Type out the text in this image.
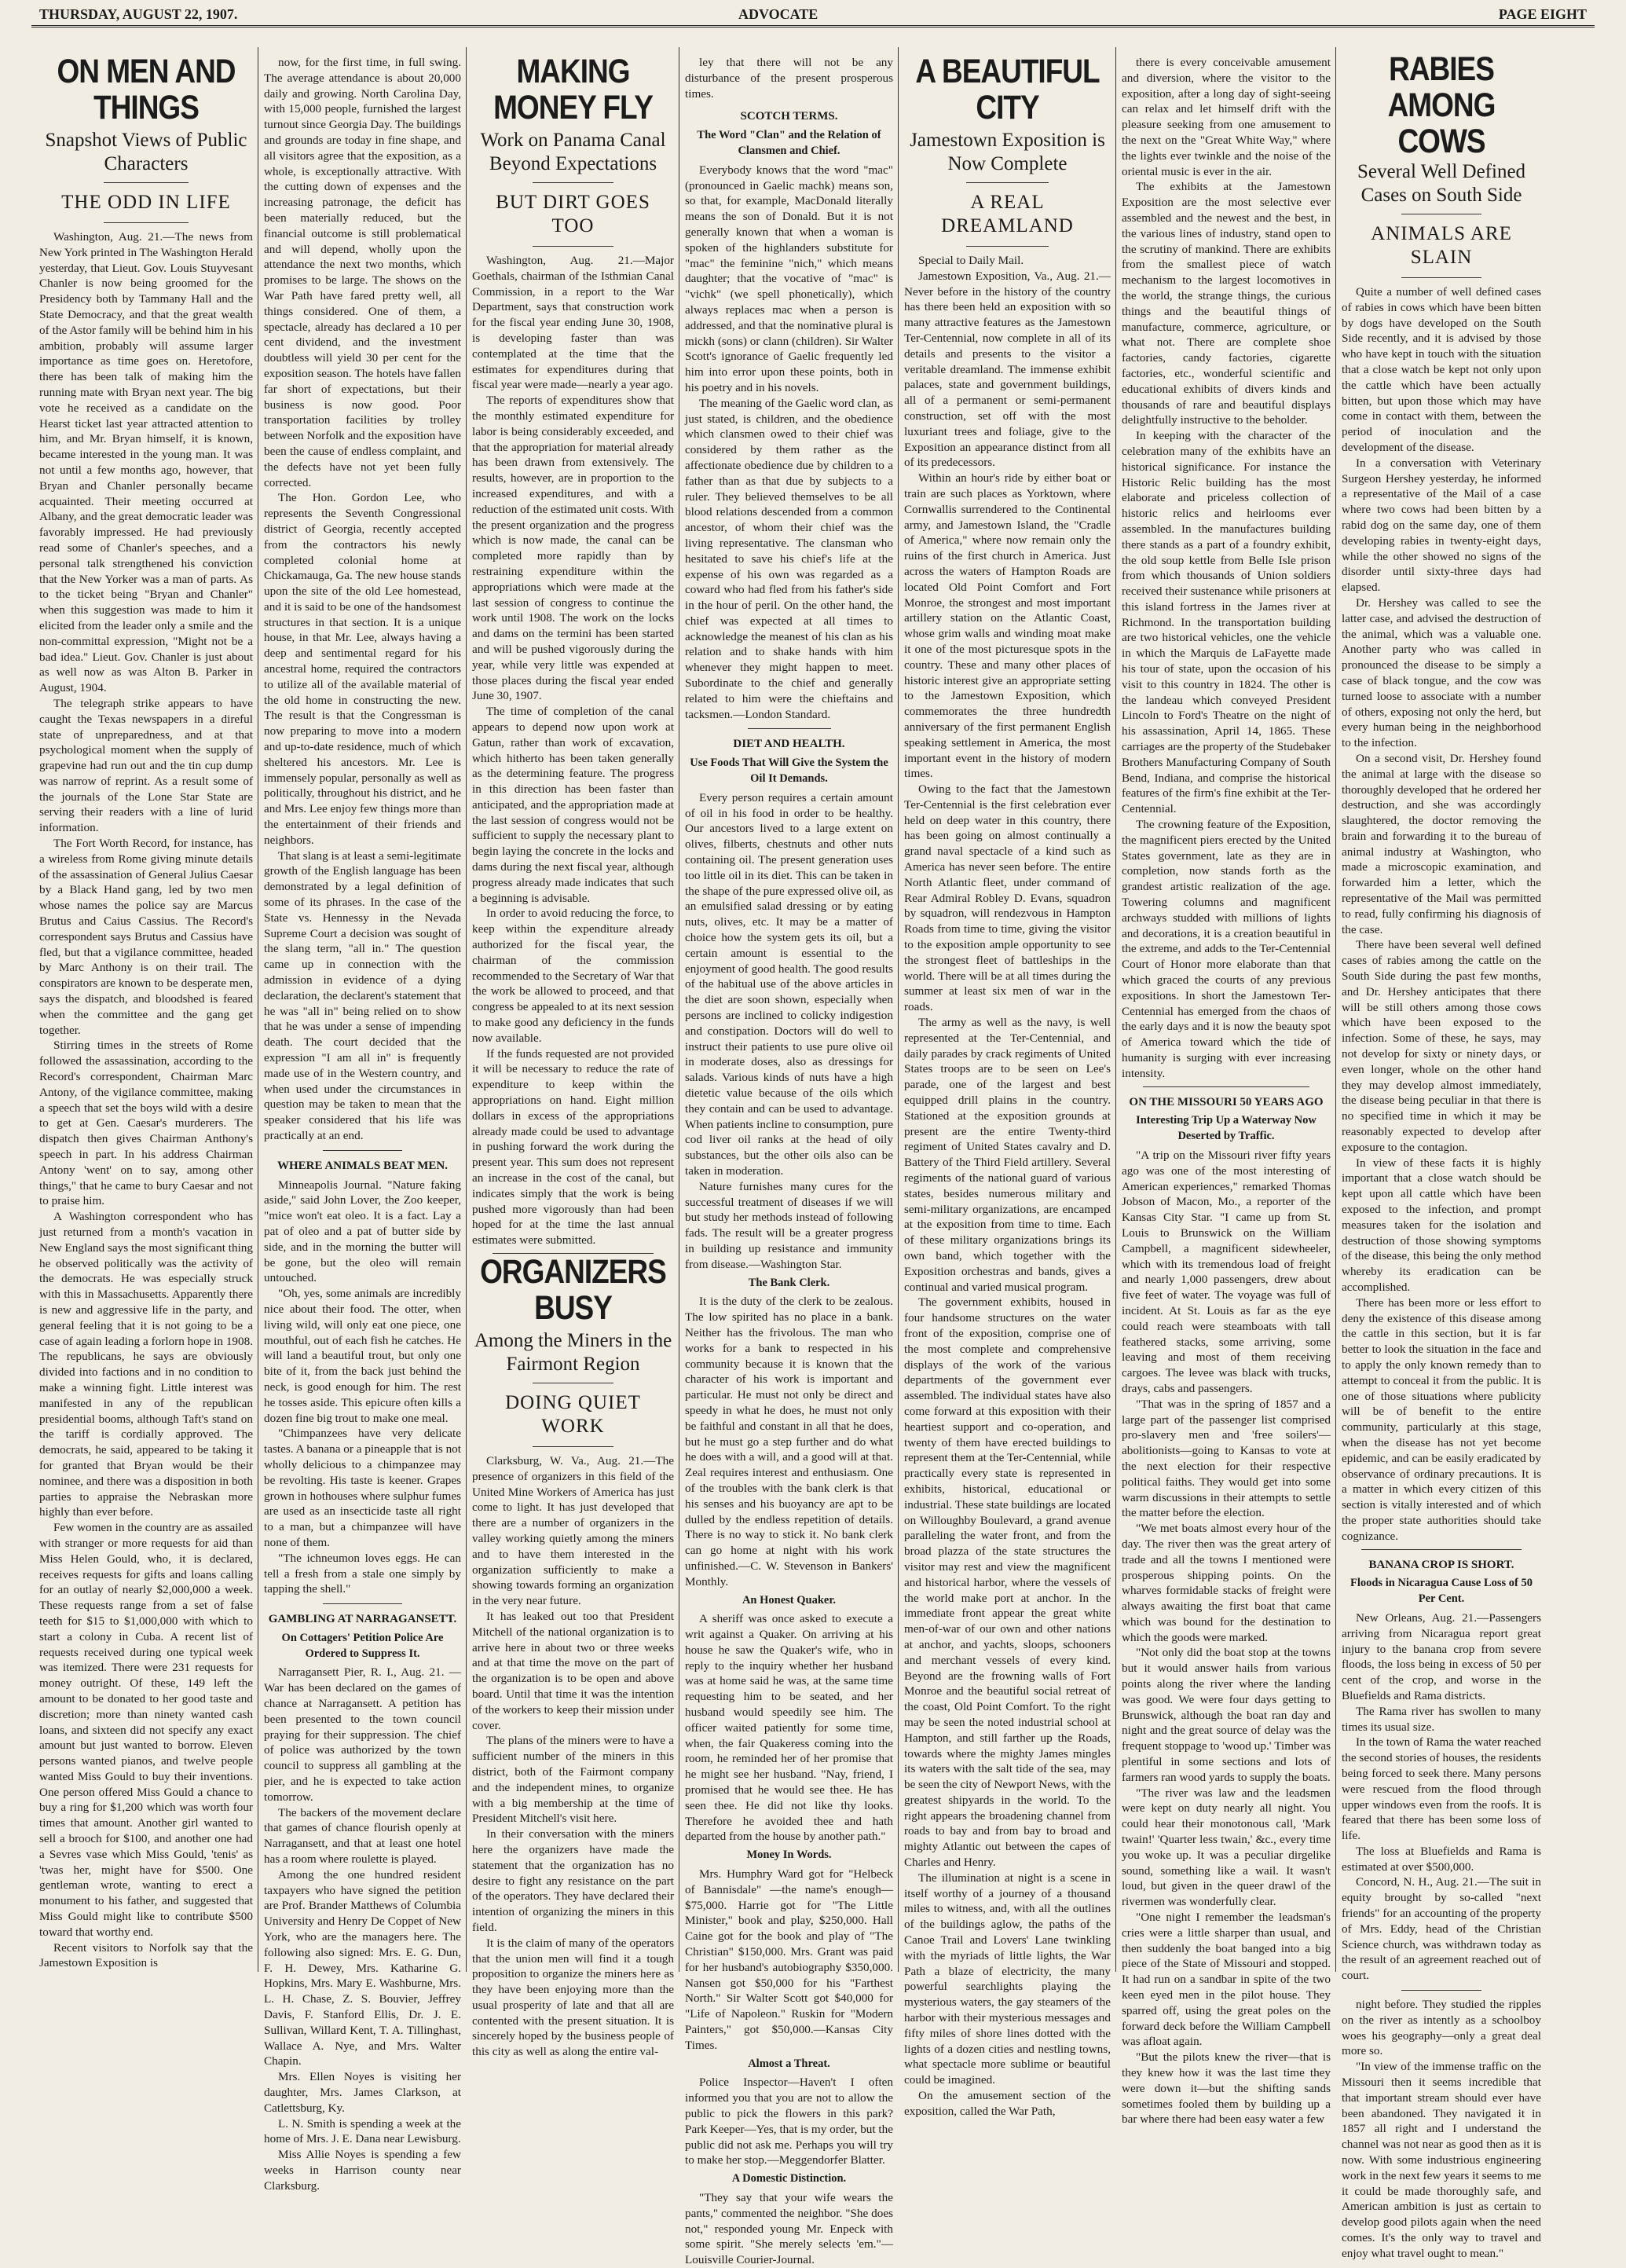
THURSDAY, AUGUST 22, 1907.	ADVOCATE	PAGE EIGHT
ON MEN AND THINGS
Snapshot Views of Public Characters
THE ODD IN LIFE

Washington, Aug. 21.—The news from New York printed in The Washington Herald yesterday, that Lieut. Gov. Louis Stuyvesant Chanler is now being groomed for the Presidency both by Tammany Hall and the State Democracy, and that the great wealth of the Astor family will be behind him in his ambition, probably will assume larger importance as time goes on. Heretofore, there has been talk of making him the running mate with Bryan next year. The big vote he received as a candidate on the Hearst ticket last year attracted attention to him, and Mr. Bryan himself, it is known, became interested in the young man. It was not until a few months ago, however, that Bryan and Chanler personally became acquainted. Their meeting occurred at Albany, and the great democratic leader was favorably impressed. He had previously read some of Chanler's speeches, and a personal talk strengthened his conviction that the New Yorker was a man of parts. As to the ticket being "Bryan and Chanler" when this suggestion was made to him it elicited from the leader only a smile and the non-committal expression, "Might not be a bad idea." Lieut. Gov. Chanler is just about as well now as was Alton B. Parker in August, 1904.

The telegraph strike appears to have caught the Texas newspapers in a direful state of unpreparedness, and at that psychological moment when the supply of grapevine had run out and the tin cup dump was narrow of reprint. As a result some of the journals of the Lone Star State are serving their readers with a line of lurid information.

The Fort Worth Record, for instance, has a wireless from Rome giving minute details of the assassination of General Julius Caesar by a Black Hand gang, led by two men whose names the police say are Marcus Brutus and Caius Cassius. The Record's correspondent says Brutus and Cassius have fled, but that a vigilance committee, headed by Marc Anthony is on their trail. The conspirators are known to be desperate men, says the dispatch, and bloodshed is feared when the committee and the gang get together.

Stirring times in the streets of Rome followed the assassination, according to the Record's correspondent, Chairman Marc Antony, of the vigilance committee, making a speech that set the boys wild with a desire to get at Gen. Caesar's murderers. The dispatch then gives Chairman Anthony's speech in part. In his address Chairman Antony 'went' on to say, among other things," that he came to bury Caesar and not to praise him.

A Washington correspondent who has just returned from a month's vacation in New England says the most significant thing he observed politically was the activity of the democrats. He was especially struck with this in Massachusetts. Apparently there is new and aggressive life in the party, and general feeling that it is not going to be a case of again leading a forlorn hope in 1908. The republicans, he says are obviously divided into factions and in no condition to make a winning fight. Little interest was manifested in any of the republican presidential booms, although Taft's stand on the tariff is cordially approved. The democrats, he said, appeared to be taking it for granted that Bryan would be their nominee, and there was a disposition in both parties to appraise the Nebraskan more highly than ever before.

Few women in the country are as assailed with stranger or more requests for aid than Miss Helen Gould, who, it is declared, receives requests for gifts and loans calling for an outlay of nearly $2,000,000 a week. These requests range from a set of false teeth for $15 to $1,000,000 with which to start a colony in Cuba. A recent list of requests received during one typical week was itemized. There were 231 requests for money outright. Of these, 149 left the amount to be donated to her good taste and discretion; more than ninety wanted cash loans, and sixteen did not specify any exact amount but just wanted to borrow. Eleven persons wanted pianos, and twelve people wanted Miss Gould to buy their inventions. One person offered Miss Gould a chance to buy a ring for $1,200 which was worth four times that amount. Another girl wanted to sell a brooch for $100, and another one had a Sevres vase which Miss Gould, 'tenis' as 'twas her, might have for $500. One gentleman wrote, wanting to erect a monument to his father, and suggested that Miss Gould might like to contribute $500 toward that worthy end.

Recent visitors to Norfolk say that the Jamestown Exposition is

now, for the first time, in full swing. The average attendance is about 20,000 daily and growing. North Carolina Day, with 15,000 people, furnished the largest turnout since Georgia Day. The buildings and grounds are today in fine shape, and all visitors agree that the exposition, as a whole, is exceptionally attractive. With the cutting down of expenses and the increasing patronage, the deficit has been materially reduced, but the financial outcome is still problematical and will depend, wholly upon the attendance the next two months, which promises to be large. The shows on the War Path have fared pretty well, all things considered. One of them, a spectacle, already has declared a 10 per cent dividend, and the investment doubtless will yield 30 per cent for the exposition season. The hotels have fallen far short of expectations, but their business is now good. Poor transportation facilities by trolley between Norfolk and the exposition have been the cause of endless complaint, and the defects have not yet been fully corrected.

The Hon. Gordon Lee, who represents the Seventh Congressional district of Georgia, recently accepted from the contractors his newly completed colonial home at Chickamauga, Ga. The new house stands upon the site of the old Lee homestead, and it is said to be one of the handsomest structures in that section. It is a unique house, in that Mr. Lee, always having a deep and sentimental regard for his ancestral home, required the contractors to utilize all of the available material of the old home in constructing the new. The result is that the Congressman is now preparing to move into a modern and up-to-date residence, much of which sheltered his ancestors. Mr. Lee is immensely popular, personally as well as politically, throughout his district, and he and Mrs. Lee enjoy few things more than the entertainment of their friends and neighbors.

That slang is at least a semi-legitimate growth of the English language has been demonstrated by a legal definition of some of its phrases. In the case of the State vs. Hennessy in the Nevada Supreme Court a decision was sought of the slang term, "all in." The question came up in connection with the admission in evidence of a dying declaration, the declarent's statement that he was "all in" being relied on to show that he was under a sense of impending death. The court decided that the expression "I am all in" is frequently made use of in the Western country, and when used under the circumstances in question may be taken to mean that the speaker considered that his life was practically at an end.

WHERE ANIMALS BEAT MEN.

Minneapolis Journal. "Nature faking aside," said John Lover, the Zoo keeper, "mice won't eat oleo. It is a fact. Lay a pat of oleo and a pat of butter side by side, and in the morning the butter will be gone, but the oleo will remain untouched.

"Oh, yes, some animals are incredibly nice about their food. The otter, when living wild, will only eat one piece, one mouthful, out of each fish he catches. He will land a beautiful trout, but only one bite of it, from the back just behind the neck, is good enough for him. The rest he tosses aside. This epicure often kills a dozen fine big trout to make one meal.

"Chimpanzees have very delicate tastes. A banana or a pineapple that is not wholly delicious to a chimpanzee may be revolting. His taste is keener. Grapes grown in hothouses where sulphur fumes are used as an insecticide taste all right to a man, but a chimpanzee will have none of them.

"The ichneumon loves eggs. He can tell a fresh from a stale one simply by tapping the shell."

GAMBLING AT NARRAGANSETT.
On Cottagers' Petition Police Are Ordered to Suppress It.

Narragansett Pier, R. I., Aug. 21. —War has been declared on the games of chance at Narragansett. A petition has been presented to the town council praying for their suppression. The chief of police was authorized by the town council to suppress all gambling at the pier, and he is expected to take action tomorrow.

The backers of the movement declare that games of chance flourish openly at Narragansett, and that at least one hotel has a room where roulette is played.

Among the one hundred resident taxpayers who have signed the petition are Prof. Brander Matthews of Columbia University and Henry De Coppet of New York, who are the managers here. The following also signed: Mrs. E. G. Dun, F. H. Dewey, Mrs. Katharine G. Hopkins, Mrs. Mary E. Washburne, Mrs. L. H. Chase, Z. S. Bouvier, Jeffrey Davis, F. Stanford Ellis, Dr. J. E. Sullivan, Willard Kent, T. A. Tillinghast, Wallace A. Nye, and Mrs. Walter Chapin.

Mrs. Ellen Noyes is visiting her daughter, Mrs. James Clarkson, at Catlettsburg, Ky.

L. N. Smith is spending a week at the home of Mrs. J. E. Dana near Lewisburg.

Miss Allie Noyes is spending a few weeks in Harrison county near Clarksburg.

MAKING MONEY FLY
Work on Panama Canal Beyond Expectations
BUT DIRT GOES TOO

Washington, Aug. 21.—Major Goethals, chairman of the Isthmian Canal Commission, in a report to the War Department, says that construction work for the fiscal year ending June 30, 1908, is developing faster than was contemplated at the time that the estimates for expenditures during that fiscal year were made—nearly a year ago.

The reports of expenditures show that the monthly estimated expenditure for labor is being considerably exceeded, and that the appropriation for material already has been drawn from extensively. The results, however, are in proportion to the increased expenditures, and with a reduction of the estimated unit costs. With the present organization and the progress which is now made, the canal can be completed more rapidly than by restraining expenditure within the appropriations which were made at the last session of congress to continue the work until 1908. The work on the locks and dams on the termini has been started and will be pushed vigorously during the year, while very little was expended at those places during the fiscal year ended June 30, 1907.

The time of completion of the canal appears to depend now upon work at Gatun, rather than work of excavation, which hitherto has been taken generally as the determining feature. The progress in this direction has been faster than anticipated, and the appropriation made at the last session of congress would not be sufficient to supply the necessary plant to begin laying the concrete in the locks and dams during the next fiscal year, although progress already made indicates that such a beginning is advisable.

In order to avoid reducing the force, to keep within the expenditure already authorized for the fiscal year, the chairman of the commission recommended to the Secretary of War that the work be allowed to proceed, and that congress be appealed to at its next session to make good any deficiency in the funds now available.

If the funds requested are not provided it will be necessary to reduce the rate of expenditure to keep within the appropriations on hand. Eight million dollars in excess of the appropriations already made could be used to advantage in pushing forward the work during the present year. This sum does not represent an increase in the cost of the canal, but indicates simply that the work is being pushed more vigorously than had been hoped for at the time the last annual estimates were submitted.

ORGANIZERS BUSY
Among the Miners in the Fairmont Region
DOING QUIET WORK

Clarksburg, W. Va., Aug. 21.—The presence of organizers in this field of the United Mine Workers of America has just come to light. It has just developed that there are a number of organizers in the valley working quietly among the miners and to have them interested in the organization sufficiently to make a showing towards forming an organization in the very near future.

It has leaked out too that President Mitchell of the national organization is to arrive here in about two or three weeks and at that time the move on the part of the organization is to be open and above board. Until that time it was the intention of the workers to keep their mission under cover.

The plans of the miners were to have a sufficient number of the miners in this district, both of the Fairmont company and the independent mines, to organize with a big membership at the time of President Mitchell's visit here.

In their conversation with the miners here the organizers have made the statement that the organization has no desire to fight any resistance on the part of the operators. They have declared their intention of organizing the miners in this field.

It is the claim of many of the operators that the union men will find it a tough proposition to organize the miners here as they have been enjoying more than the usual prosperity of late and that all are contented with the present situation. It is sincerely hoped by the business people of this city as well as along the entire val-

ley that there will not be any disturbance of the present prosperous times.

SCOTCH TERMS.
The Word "Clan" and the Relation of Clansmen and Chief.

Everybody knows that the word "mac" (pronounced in Gaelic machk) means son, so that, for example, MacDonald literally means the son of Donald. But it is not generally known that when a woman is spoken of the highlanders substitute for "mac" the feminine "nich," which means daughter; that the vocative of "mac" is "vichk" (we spell phonetically), which always replaces mac when a person is addressed, and that the nominative plural is mickh (sons) or clann (children). Sir Walter Scott's ignorance of Gaelic frequently led him into error upon these points, both in his poetry and in his novels.

The meaning of the Gaelic word clan, as just stated, is children, and the obedience which clansmen owed to their chief was considered by them rather as the affectionate obedience due by children to a father than as that due by subjects to a ruler. They believed themselves to be all blood relations descended from a common ancestor, of whom their chief was the living representative. The clansman who hesitated to save his chief's life at the expense of his own was regarded as a coward who had fled from his father's side in the hour of peril. On the other hand, the chief was expected at all times to acknowledge the meanest of his clan as his relation and to shake hands with him whenever they might happen to meet. Subordinate to the chief and generally related to him were the chieftains and tacksmen.—London Standard.

DIET AND HEALTH.
Use Foods That Will Give the System the Oil It Demands.

Every person requires a certain amount of oil in his food in order to be healthy. Our ancestors lived to a large extent on olives, filberts, chestnuts and other nuts containing oil. The present generation uses too little oil in its diet. This can be taken in the shape of the pure expressed olive oil, as an emulsified salad dressing or by eating nuts, olives, etc. It may be a matter of choice how the system gets its oil, but a certain amount is essential to the enjoyment of good health. The good results of the habitual use of the above articles in the diet are soon shown, especially when persons are inclined to colicky indigestion and constipation. Doctors will do well to instruct their patients to use pure olive oil in moderate doses, also as dressings for salads. Various kinds of nuts have a high dietetic value because of the oils which they contain and can be used to advantage. When patients incline to consumption, pure cod liver oil ranks at the head of oily substances, but the other oils also can be taken in moderation.

Nature furnishes many cures for the successful treatment of diseases if we will but study her methods instead of following fads. The result will be a greater progress in building up resistance and immunity from disease.—Washington Star.

The Bank Clerk.

It is the duty of the clerk to be zealous. The low spirited has no place in a bank. Neither has the frivolous. The man who works for a bank to respected in his community because it is known that the character of his work is important and particular. He must not only be direct and speedy in what he does, he must not only be faithful and constant in all that he does, but he must go a step further and do what he does with a will, and a good will at that. Zeal requires interest and enthusiasm. One of the troubles with the bank clerk is that his senses and his buoyancy are apt to be dulled by the endless repetition of details. There is no way to stick it. No bank clerk can go home at night with his work unfinished.—C. W. Stevenson in Bankers' Monthly.

An Honest Quaker.

A sheriff was once asked to execute a writ against a Quaker. On arriving at his house he saw the Quaker's wife, who in reply to the inquiry whether her husband was at home said he was, at the same time requesting him to be seated, and her husband would speedily see him. The officer waited patiently for some time, when, the fair Quakeress coming into the room, he reminded her of her promise that he might see her husband. "Nay, friend, I promised that he would see thee. He has seen thee. He did not like thy looks. Therefore he avoided thee and hath departed from the house by another path."

Money In Words.

Mrs. Humphry Ward got for "Helbeck of Bannisdale" —the name's enough—$75,000. Harrie got for "The Little Minister," book and play, $250,000. Hall Caine got for the book and play of "The Christian" $150,000. Mrs. Grant was paid for her husband's autobiography $350,000. Nansen got $50,000 for his "Farthest North." Sir Walter Scott got $40,000 for "Life of Napoleon." Ruskin for "Modern Painters," got $50,000.—Kansas City Times.

Almost a Threat.

Police Inspector—Haven't I often informed you that you are not to allow the public to pick the flowers in this park? Park Keeper—Yes, that is my order, but the public did not ask me. Perhaps you will try to make her stop.—Meggendorfer Blatter.

A Domestic Distinction.

"They say that your wife wears the pants," commented the neighbor. "She does not," responded young Mr. Enpeck with some spirit. "She merely selects 'em."—Louisville Courier-Journal.

A BEAUTIFUL CITY
Jamestown Exposition is Now Complete
A REAL DREAMLAND

Special to Daily Mail.

Jamestown Exposition, Va., Aug. 21.—Never before in the history of the country has there been held an exposition with so many attractive features as the Jamestown Ter-Centennial, now complete in all of its details and presents to the visitor a veritable dreamland. The immense exhibit palaces, state and government buildings, all of a permanent or semi-permanent construction, set off with the most luxuriant trees and foliage, give to the Exposition an appearance distinct from all of its predecessors.

Within an hour's ride by either boat or train are such places as Yorktown, where Cornwallis surrendered to the Continental army, and Jamestown Island, the "Cradle of America," where now remain only the ruins of the first church in America. Just across the waters of Hampton Roads are located Old Point Comfort and Fort Monroe, the strongest and most important artillery station on the Atlantic Coast, whose grim walls and winding moat make it one of the most picturesque spots in the country. These and many other places of historic interest give an appropriate setting to the Jamestown Exposition, which commemorates the three hundredth anniversary of the first permanent English speaking settlement in America, the most important event in the history of modern times.

Owing to the fact that the Jamestown Ter-Centennial is the first celebration ever held on deep water in this country, there has been going on almost continually a grand naval spectacle of a kind such as America has never seen before. The entire North Atlantic fleet, under command of Rear Admiral Robley D. Evans, squadron by squadron, will rendezvous in Hampton Roads from time to time, giving the visitor to the exposition ample opportunity to see the strongest fleet of battleships in the world. There will be at all times during the summer at least six men of war in the roads.

The army as well as the navy, is well represented at the Ter-Centennial, and daily parades by crack regiments of United States troops are to be seen on Lee's parade, one of the largest and best equipped drill plains in the country. Stationed at the exposition grounds at present are the entire Twenty-third regiment of United States cavalry and D. Battery of the Third Field artillery. Several regiments of the national guard of various states, besides numerous military and semi-military organizations, are encamped at the exposition from time to time. Each of these military organizations brings its own band, which together with the Exposition orchestras and bands, gives a continual and varied musical program.

The government exhibits, housed in four handsome structures on the water front of the exposition, comprise one of the most complete and comprehensive displays of the work of the various departments of the government ever assembled. The individual states have also come forward at this exposition with their heartiest support and co-operation, and twenty of them have erected buildings to represent them at the Ter-Centennial, while practically every state is represented in exhibits, historical, educational or industrial. These state buildings are located on Willoughby Boulevard, a grand avenue paralleling the water front, and from the broad plazza of the state structures the visitor may rest and view the magnificent and historical harbor, where the vessels of the world make port at anchor. In the immediate front appear the great white men-of-war of our own and other nations at anchor, and yachts, sloops, schooners and merchant vessels of every kind. Beyond are the frowning walls of Fort Monroe and the beautiful social retreat of the coast, Old Point Comfort. To the right may be seen the noted industrial school at Hampton, and still farther up the Roads, towards where the mighty James mingles its waters with the salt tide of the sea, may be seen the city of Newport News, with the greatest shipyards in the world. To the right appears the broadening channel from roads to bay and from bay to broad and mighty Atlantic out between the capes of Charles and Henry.

The illumination at night is a scene in itself worthy of a journey of a thousand miles to witness, and, with all the outlines of the buildings aglow, the paths of the Canoe Trail and Lovers' Lane twinkling with the myriads of little lights, the War Path a blaze of electricity, the many powerful searchlights playing the mysterious waters, the gay steamers of the harbor with their mysterious messages and fifty miles of shore lines dotted with the lights of a dozen cities and nestling towns, what spectacle more sublime or beautiful could be imagined.

On the amusement section of the exposition, called the War Path,

there is every conceivable amusement and diversion, where the visitor to the exposition, after a long day of sight-seeing can relax and let himself drift with the pleasure seeking from one amusement to the next on the "Great White Way," where the lights ever twinkle and the noise of the oriental music is ever in the air.

The exhibits at the Jamestown Exposition are the most selective ever assembled and the newest and the best, in the various lines of industry, stand open to the scrutiny of mankind. There are exhibits from the smallest piece of watch mechanism to the largest locomotives in the world, the strange things, the curious things and the beautiful things of manufacture, commerce, agriculture, or what not. There are complete shoe factories, candy factories, cigarette factories, etc., wonderful scientific and educational exhibits of divers kinds and thousands of rare and beautiful displays delightfully instructive to the beholder.

In keeping with the character of the celebration many of the exhibits have an historical significance. For instance the Historic Relic building has the most elaborate and priceless collection of historic relics and heirlooms ever assembled. In the manufactures building there stands as a part of a foundry exhibit, the old soup kettle from Belle Isle prison from which thousands of Union soldiers received their sustenance while prisoners at this island fortress in the James river at Richmond. In the transportation building are two historical vehicles, one the vehicle in which the Marquis de LaFayette made his tour of state, upon the occasion of his visit to this country in 1824. The other is the landeau which conveyed President Lincoln to Ford's Theatre on the night of his assassination, April 14, 1865. These carriages are the property of the Studebaker Brothers Manufacturing Company of South Bend, Indiana, and comprise the historical features of the firm's fine exhibit at the Ter-Centennial.

The crowning feature of the Exposition, the magnificent piers erected by the United States government, late as they are in completion, now stands forth as the grandest artistic realization of the age. Towering columns and magnificent archways studded with millions of lights and decorations, it is a creation beautiful in the extreme, and adds to the Ter-Centennial Court of Honor more elaborate than that which graced the courts of any previous expositions. In short the Jamestown Ter-Centennial has emerged from the chaos of the early days and it is now the beauty spot of America toward which the tide of humanity is surging with ever increasing intensity.

ON THE MISSOURI 50 YEARS AGO
Interesting Trip Up a Waterway Now Deserted by Traffic.

"A trip on the Missouri river fifty years ago was one of the most interesting of American experiences," remarked Thomas Jobson of Macon, Mo., a reporter of the Kansas City Star. "I came up from St. Louis to Brunswick on the William Campbell, a magnificent sidewheeler, which with its tremendous load of freight and nearly 1,000 passengers, drew about five feet of water. The voyage was full of incident. At St. Louis as far as the eye could reach were steamboats with tall feathered stacks, some arriving, some leaving and most of them receiving cargoes. The levee was black with trucks, drays, cabs and passengers.

"That was in the spring of 1857 and a large part of the passenger list comprised pro-slavery men and 'free soilers'—abolitionists—going to Kansas to vote at the next election for their respective political faiths. They would get into some warm discussions in their attempts to settle the matter before the election.

"We met boats almost every hour of the day. The river then was the great artery of trade and all the towns I mentioned were prosperous shipping points. On the wharves formidable stacks of freight were always awaiting the first boat that came which was bound for the destination to which the goods were marked.

"Not only did the boat stop at the towns but it would answer hails from various points along the river where the landing was good. We were four days getting to Brunswick, although the boat ran day and night and the great source of delay was the frequent stoppage to 'wood up.' Timber was plentiful in some sections and lots of farmers ran wood yards to supply the boats.

"The river was law and the leadsmen were kept on duty nearly all night. You could hear their monotonous call, 'Mark twain!' 'Quarter less twain,' &c., every time you woke up. It was a peculiar dirgelike sound, something like a wail. It wasn't loud, but given in the queer drawl of the rivermen was wonderfully clear.

"One night I remember the leadsman's cries were a little sharper than usual, and then suddenly the boat banged into a big piece of the State of Missouri and stopped. It had run on a sandbar in spite of the two keen eyed men in the pilot house. They sparred off, using the great poles on the forward deck before the William Campbell was afloat again.

"But the pilots knew the river—that is they knew how it was the last time they were down it—but the shifting sands sometimes fooled them by building up a bar where there had been easy water a few

RABIES AMONG COWS
Several Well Defined Cases on South Side
ANIMALS ARE SLAIN

Quite a number of well defined cases of rabies in cows which have been bitten by dogs have developed on the South Side recently, and it is advised by those who have kept in touch with the situation that a close watch be kept not only upon the cattle which have been actually bitten, but upon those which may have come in contact with them, between the period of inoculation and the development of the disease.

In a conversation with Veterinary Surgeon Hershey yesterday, he informed a representative of the Mail of a case where two cows had been bitten by a rabid dog on the same day, one of them developing rabies in twenty-eight days, while the other showed no signs of the disorder until sixty-three days had elapsed.

Dr. Hershey was called to see the latter case, and advised the destruction of the animal, which was a valuable one. Another party who was called in pronounced the disease to be simply a case of black tongue, and the cow was turned loose to associate with a number of others, exposing not only the herd, but every human being in the neighborhood to the infection.

On a second visit, Dr. Hershey found the animal at large with the disease so thoroughly developed that he ordered her destruction, and she was accordingly slaughtered, the doctor removing the brain and forwarding it to the bureau of animal industry at Washington, who made a microscopic examination, and forwarded him a letter, which the representative of the Mail was permitted to read, fully confirming his diagnosis of the case.

There have been several well defined cases of rabies among the cattle on the South Side during the past few months, and Dr. Hershey anticipates that there will be still others among those cows which have been exposed to the infection. Some of these, he says, may not develop for sixty or ninety days, or even longer, whole on the other hand they may develop almost immediately, the disease being peculiar in that there is no specified time in which it may be reasonably expected to develop after exposure to the contagion.

In view of these facts it is highly important that a close watch should be kept upon all cattle which have been exposed to the infection, and prompt measures taken for the isolation and destruction of those showing symptoms of the disease, this being the only method whereby its eradication can be accomplished.

There has been more or less effort to deny the existence of this disease among the cattle in this section, but it is far better to look the situation in the face and to apply the only known remedy than to attempt to conceal it from the public. It is one of those situations where publicity will be of benefit to the entire community, particularly at this stage, when the disease has not yet become epidemic, and can be easily eradicated by observance of ordinary precautions. It is a matter in which every citizen of this section is vitally interested and of which the proper state authorities should take cognizance.

BANANA CROP IS SHORT.
Floods in Nicaragua Cause Loss of 50 Per Cent.

New Orleans, Aug. 21.—Passengers arriving from Nicaragua report great injury to the banana crop from severe floods, the loss being in excess of 50 per cent of the crop, and worse in the Bluefields and Rama districts.

The Rama river has swollen to many times its usual size.

In the town of Rama the water reached the second stories of houses, the residents being forced to seek there. Many persons were rescued from the flood through upper windows even from the roofs. It is feared that there has been some loss of life.

The loss at Bluefields and Rama is estimated at over $500,000.

Concord, N. H., Aug. 21.—The suit in equity brought by so-called "next friends" for an accounting of the property of Mrs. Eddy, head of the Christian Science church, was withdrawn today as the result of an agreement reached out of court.

night before. They studied the ripples on the river as intently as a schoolboy woes his geography—only a great deal more so.

"In view of the immense traffic on the Missouri then it seems incredible that that important stream should ever have been abandoned. They navigated it in 1857 all right and I understand the channel was not near as good then as it is now. With some industrious engineering work in the next few years it seems to me it could be made thoroughly safe, and American ambition is just as certain to develop good pilots again when the need comes. It's the only way to travel and enjoy what travel ought to mean."
